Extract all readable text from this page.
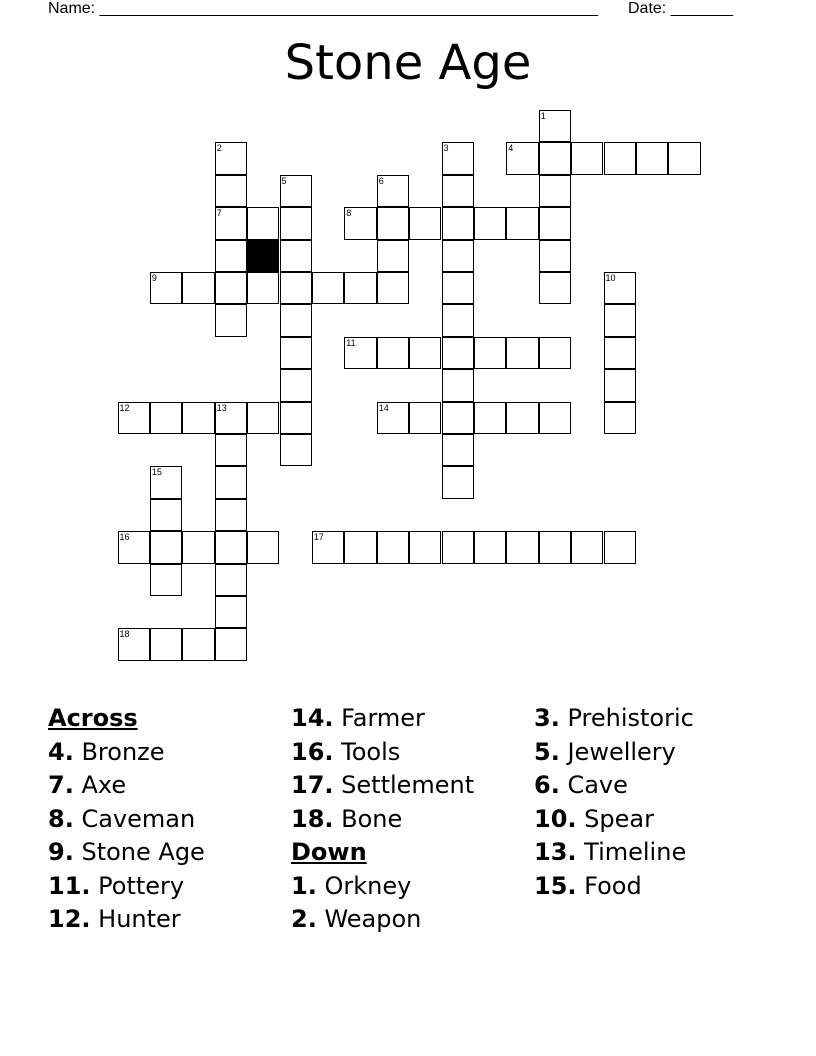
Name: ________________________________________________________ Date: _______
Stone Age
1
2	3	4
5	6
7	8
9	10
11
12	13	14
15
16	17
18
Across
4. Bronze
7. Axe
8. Caveman
9. Stone Age
11. Pottery
12. Hunter
14. Farmer
16. Tools
17. Settlement
18. Bone
Down
1. Orkney
2. Weapon
3. Prehistoric
5. Jewellery
6. Cave
10. Spear
13. Timeline
15. Food
